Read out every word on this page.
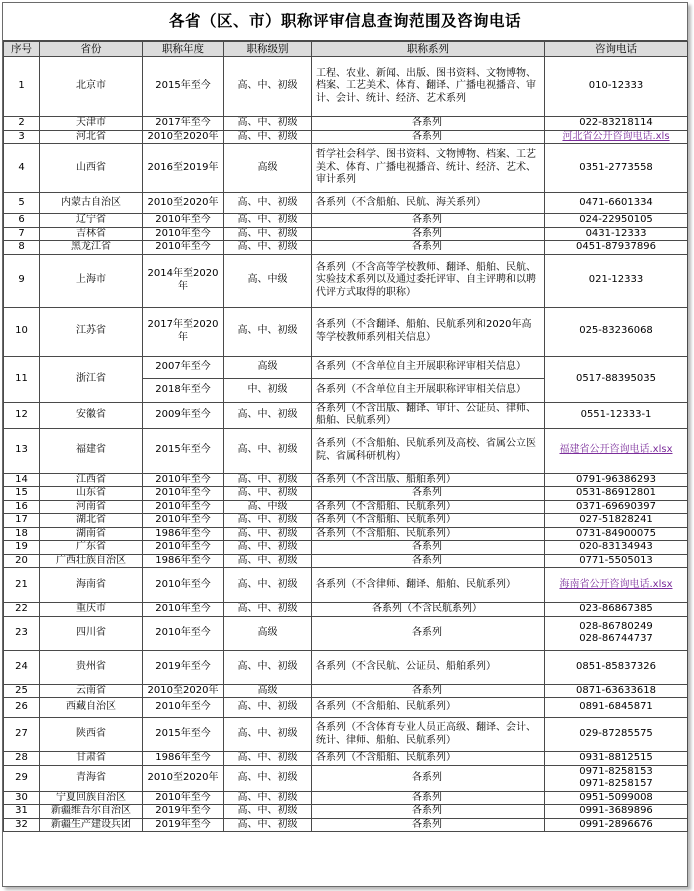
各省（区、市）职称评审信息查询范围及咨询电话
序号	省份	职称年度	职称级别	职称系列	咨询电话
1	北京市	2015年至今	高、中、初级	工程、农业、新闻、出版、图书资料、文物博物、档案、工艺美术、体育、翻译、广播电视播音、审计、会计、统计、经济、艺术系列	010-12333
2	天津市	2017年至今	高、中、初级	各系列	022-83218114
3	河北省	2010至2020年	高、中、初级	各系列	河北省公开咨询电话.xls
4	山西省	2016至2019年	高级	哲学社会科学、图书资料、文物博物、档案、工艺美术、体育、广播电视播音、统计、经济、艺术、审计系列	0351-2773558
5	内蒙古自治区	2010至2020年	高、中、初级	各系列（不含船舶、民航、海关系列）	0471-6601334
6	辽宁省	2010年至今	高、中、初级	各系列	024-22950105
7	吉林省	2010年至今	高、中、初级	各系列	0431-12333
8	黑龙江省	2010年至今	高、中、初级	各系列	0451-87937896
9	上海市	2014年至2020年	高、中级	各系列（不含高等学校教师、翻译、船舶、民航、实验技术系列以及通过委托评审、自主评聘和以聘代评方式取得的职称）	021-12333
10	江苏省	2017年至2020年	高、中、初级	各系列（不含翻译、船舶、民航系列和2020年高等学校教师系列相关信息）	025-83236068
11	浙江省	2007年至今	高级	各系列（不含单位自主开展职称评审相关信息）	0517-88395035
		2018年至今	中、初级	各系列（不含单位自主开展职称评审相关信息）	
12	安徽省	2009年至今	高、中、初级	各系列（不含出版、翻译、审计、公证员、律师、船舶、民航系列）	0551-12333-1
13	福建省	2015年至今	高、中、初级	各系列（不含船舶、民航系列及高校、省属公立医院、省属科研机构）	福建省公开咨询电话.xlsx
14	江西省	2010年至今	高、中、初级	各系列（不含出版、船舶系列）	0791-96386293
15	山东省	2010年至今	高、中、初级	各系列	0531-86912801
16	河南省	2010年至今	高、中级	各系列（不含船舶、民航系列）	0371-69690397
17	湖北省	2010年至今	高、中、初级	各系列（不含船舶、民航系列）	027-51828241
18	湖南省	1986年至今	高、中、初级	各系列（不含船舶、民航系列）	0731-84900075
19	广东省	2010年至今	高、中、初级	各系列	020-83134943
20	广西壮族自治区	1986年至今	高、中、初级	各系列	0771-5505013
21	海南省	2010年至今	高、中、初级	各系列（不含律师、翻译、船舶、民航系列）	海南省公开咨询电话.xlsx
22	重庆市	2010年至今	高、中、初级	各系列（不含民航系列）	023-86867385
23	四川省	2010年至今	高级	各系列	028-86780249
028-86744737

24	贵州省	2019年至今	高、中、初级	各系列（不含民航、公证员、船舶系列）	0851-85837326
25	云南省	2010至2020年	高级	各系列	0871-63633618
26	西藏自治区	2010年至今	高、中、初级	各系列（不含船舶、民航系列）	0891-6845871
27	陕西省	2015年至今	高、中、初级	各系列（不含体育专业人员正高级、翻译、会计、统计、律师、船舶、民航系列）	029-87285575
28	甘肃省	1986年至今	高、中、初级	各系列（不含船舶、民航系列）	0931-8812515
29	青海省	2010至2020年	高、中、初级	各系列	0971-8258153
0971-8258157

30	宁夏回族自治区	2010年至今	高、中、初级	各系列	0951-5099008
31	新疆维吾尔自治区	2019年至今	高、中、初级	各系列	0991-3689896
32	新疆生产建设兵团	2019年至今	高、中、初级	各系列	0991-2896676
